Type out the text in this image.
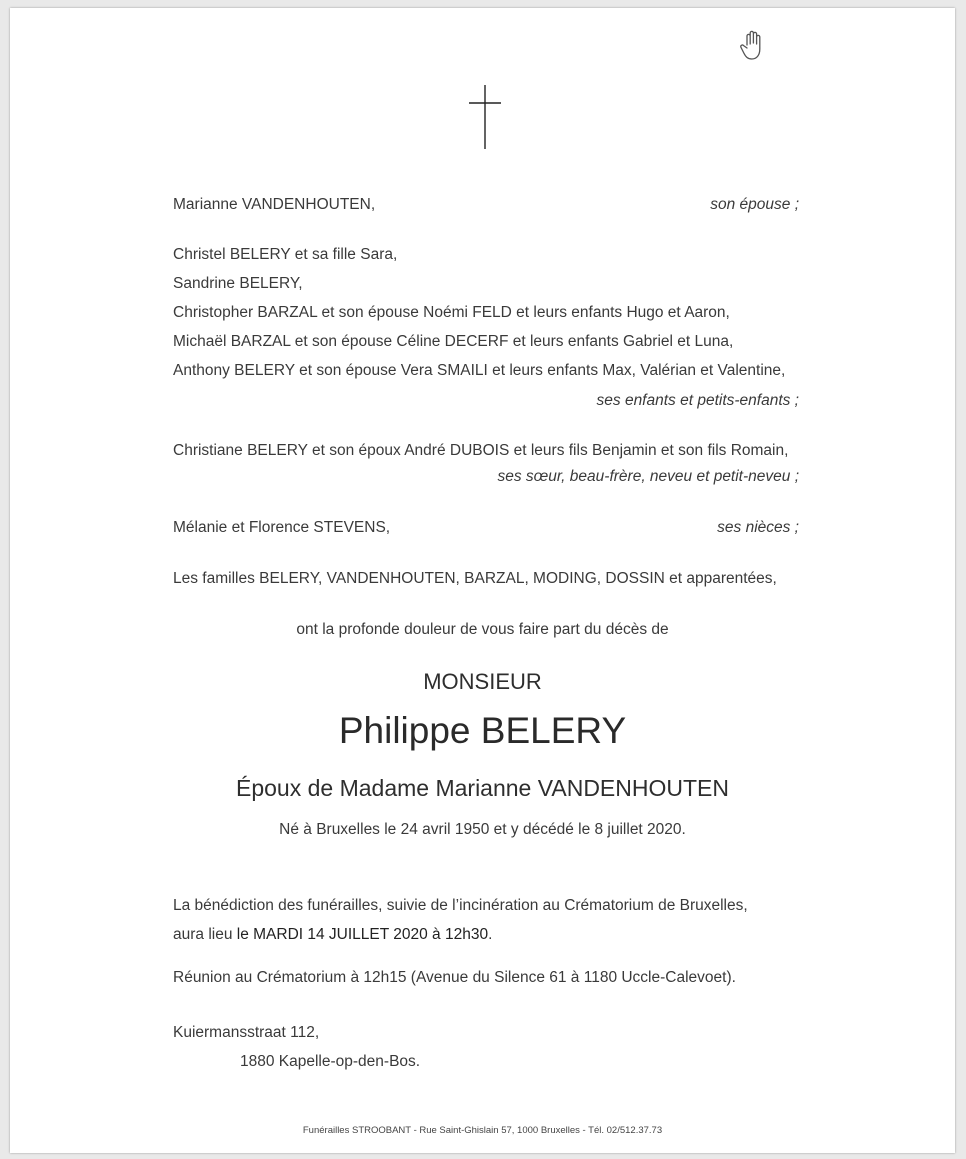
Marianne VANDENHOUTEN,	son épouse ;
Christel BELERY et sa fille Sara,
Sandrine BELERY,
Christopher BARZAL et son épouse Noémi FELD et leurs enfants Hugo et Aaron,
Michaël BARZAL et son épouse Céline DECERF et leurs enfants Gabriel et Luna,
Anthony BELERY et son épouse Vera SMAILI et leurs enfants Max, Valérian et Valentine,
ses enfants et petits-enfants ;
Christiane BELERY et son époux André DUBOIS et leurs fils Benjamin et son fils Romain,
ses sœur, beau-frère, neveu et petit-neveu ;
Mélanie et Florence STEVENS,	ses nièces ;
Les familles BELERY, VANDENHOUTEN, BARZAL, MODING, DOSSIN et apparentées,
ont la profonde douleur de vous faire part du décès de
MONSIEUR
Philippe BELERY
Époux de Madame Marianne VANDENHOUTEN
Né à Bruxelles le 24 avril 1950 et y décédé le 8 juillet 2020.
La bénédiction des funérailles, suivie de l’incinération au Crématorium de Bruxelles,
aura lieu le MARDI 14 JUILLET 2020 à 12h30.
Réunion au Crématorium à 12h15 (Avenue du Silence 61 à 1180 Uccle-Calevoet).
Kuiermansstraat 112,
1880 Kapelle-op-den-Bos.
Funérailles STROOBANT - Rue Saint-Ghislain 57, 1000 Bruxelles - Tél. 02/512.37.73
